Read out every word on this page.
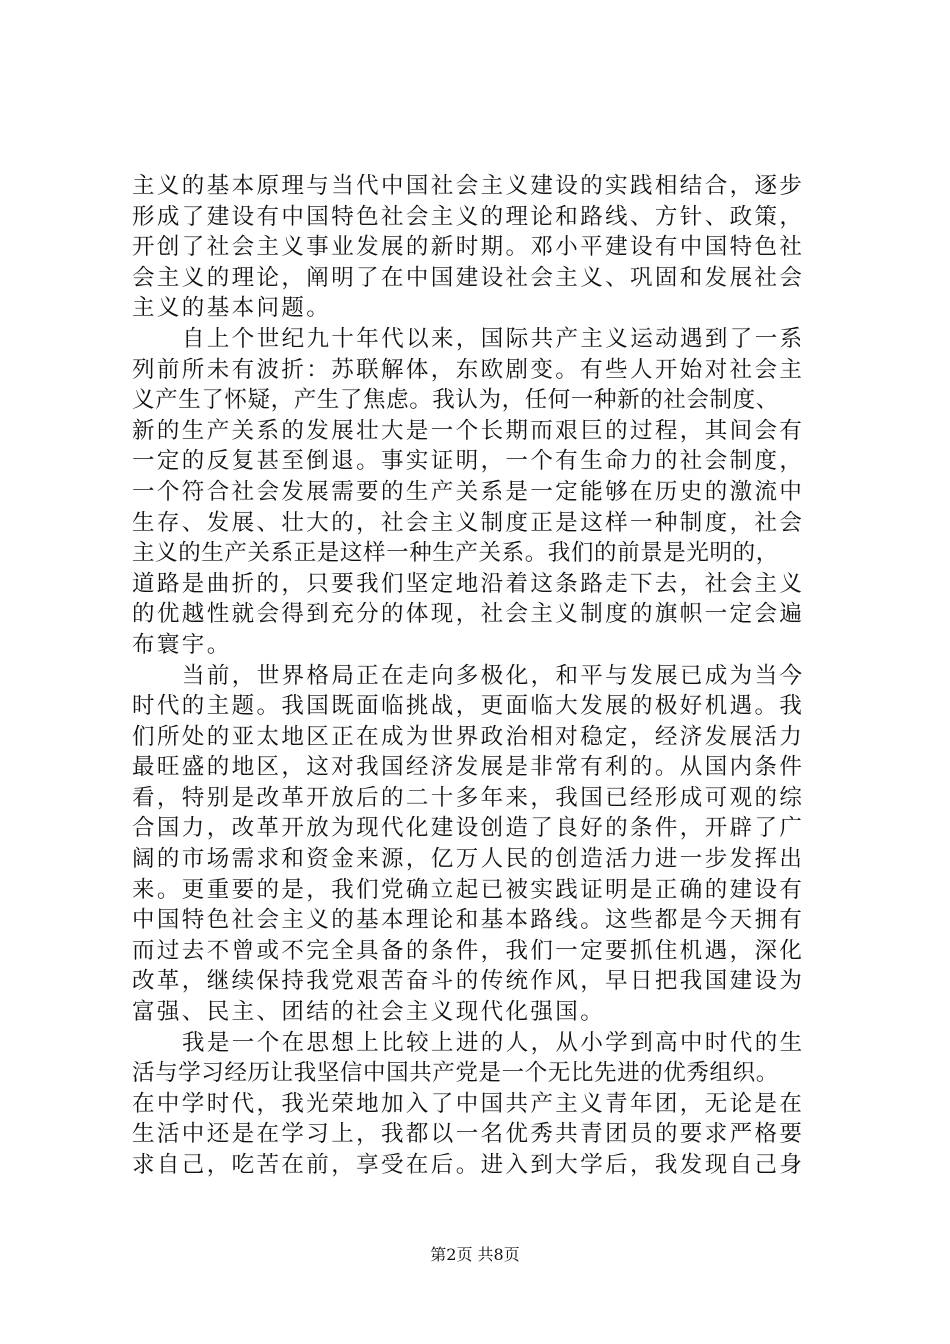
主义的基本原理与当代中国社会主义建设的实践相结合，逐步
形成了建设有中国特色社会主义的理论和路线、方针、政策，
开创了社会主义事业发展的新时期。邓小平建设有中国特色社
会主义的理论，阐明了在中国建设社会主义、巩固和发展社会
主义的基本问题。
自上个世纪九十年代以来，国际共产主义运动遇到了一系
列前所未有波折：苏联解体，东欧剧变。有些人开始对社会主
义产生了怀疑，产生了焦虑。我认为，任何一种新的社会制度、
新的生产关系的发展壮大是一个长期而艰巨的过程，其间会有
一定的反复甚至倒退。事实证明，一个有生命力的社会制度，
一个符合社会发展需要的生产关系是一定能够在历史的激流中
生存、发展、壮大的，社会主义制度正是这样一种制度，社会
主义的生产关系正是这样一种生产关系。我们的前景是光明的，
道路是曲折的，只要我们坚定地沿着这条路走下去，社会主义
的优越性就会得到充分的体现，社会主义制度的旗帜一定会遍
布寰宇。
当前，世界格局正在走向多极化，和平与发展已成为当今
时代的主题。我国既面临挑战，更面临大发展的极好机遇。我
们所处的亚太地区正在成为世界政治相对稳定，经济发展活力
最旺盛的地区，这对我国经济发展是非常有利的。从国内条件
看，特别是改革开放后的二十多年来，我国已经形成可观的综
合国力，改革开放为现代化建设创造了良好的条件，开辟了广
阔的市场需求和资金来源，亿万人民的创造活力进一步发挥出
来。更重要的是，我们党确立起已被实践证明是正确的建设有
中国特色社会主义的基本理论和基本路线。这些都是今天拥有
而过去不曾或不完全具备的条件，我们一定要抓住机遇，深化
改革，继续保持我党艰苦奋斗的传统作风，早日把我国建设为
富强、民主、团结的社会主义现代化强国。
我是一个在思想上比较上进的人，从小学到高中时代的生
活与学习经历让我坚信中国共产党是一个无比先进的优秀组织。
在中学时代，我光荣地加入了中国共产主义青年团，无论是在
生活中还是在学习上，我都以一名优秀共青团员的要求严格要
求自己，吃苦在前，享受在后。进入到大学后，我发现自己身
第2页 共8页
